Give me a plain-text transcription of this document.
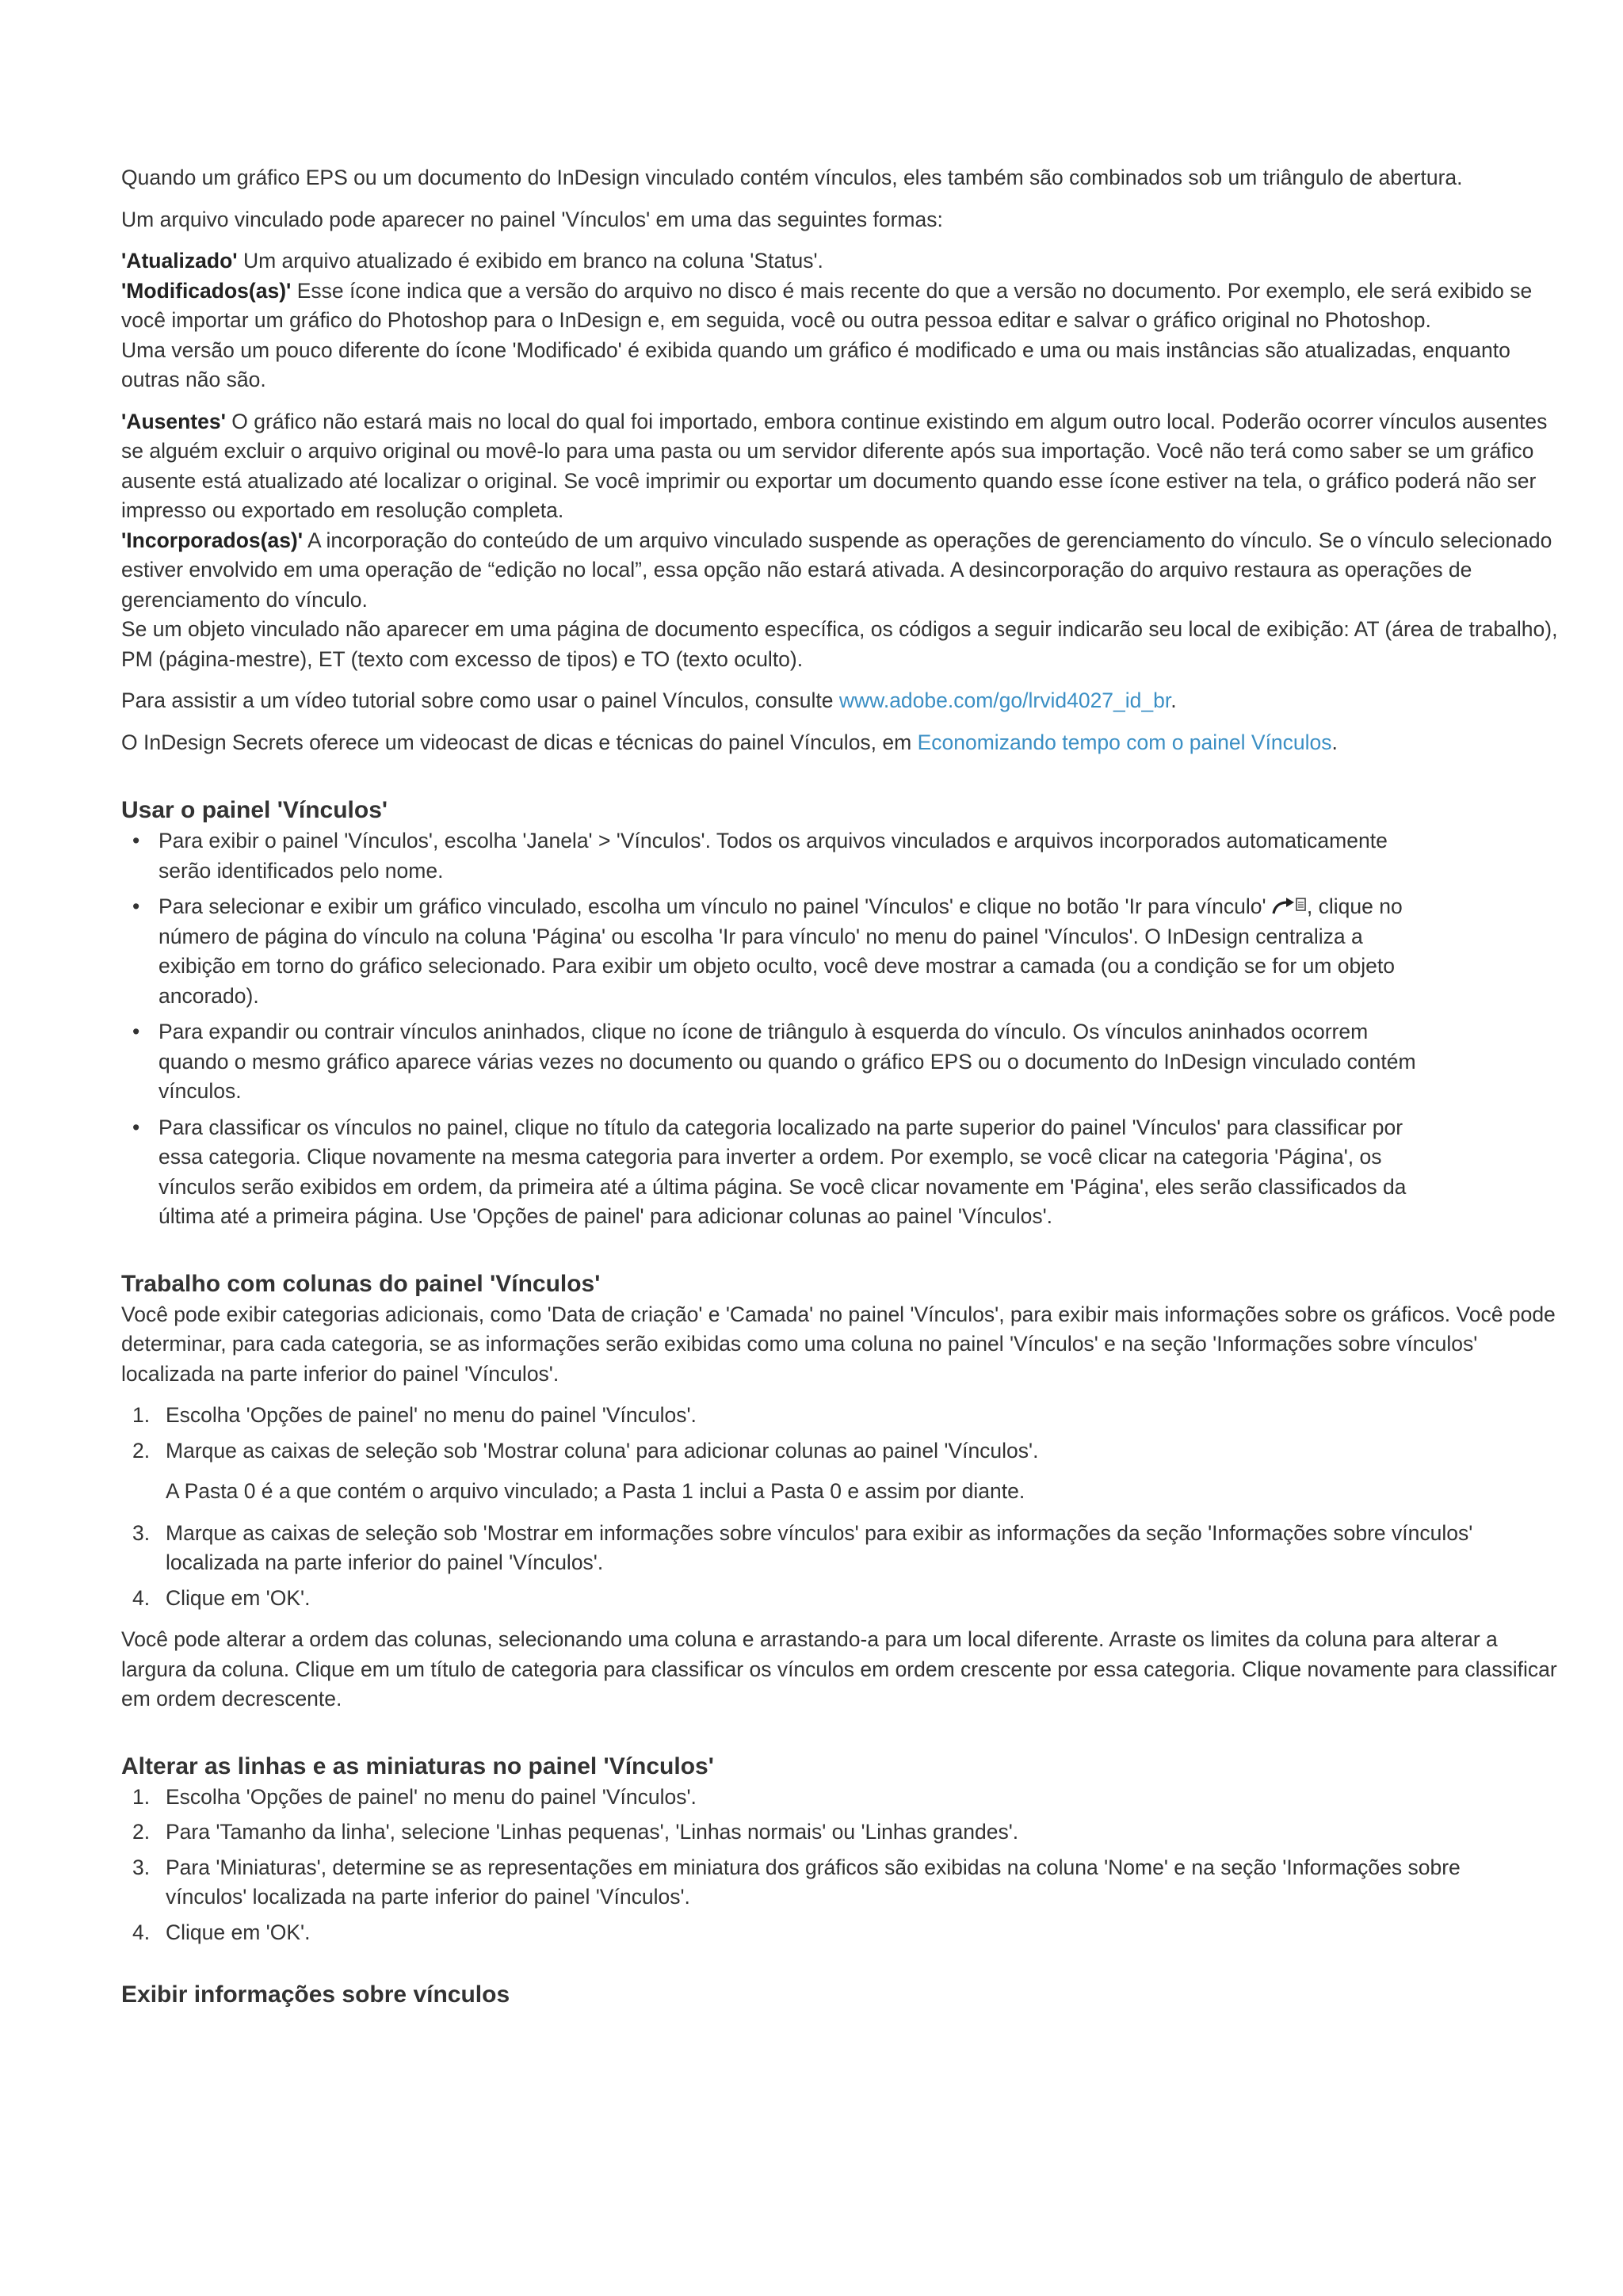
Quando um gráfico EPS ou um documento do InDesign vinculado contém vínculos, eles também são combinados sob um triângulo de abertura.

Um arquivo vinculado pode aparecer no painel 'Vínculos' em uma das seguintes formas:

'Atualizado' Um arquivo atualizado é exibido em branco na coluna 'Status'.

'Modificados(as)' Esse ícone indica que a versão do arquivo no disco é mais recente do que a versão no documento. Por exemplo, ele será exibido se você importar um gráfico do Photoshop para o InDesign e, em seguida, você ou outra pessoa editar e salvar o gráfico original no Photoshop.

Uma versão um pouco diferente do ícone 'Modificado' é exibida quando um gráfico é modificado e uma ou mais instâncias são atualizadas, enquanto outras não são.

'Ausentes' O gráfico não estará mais no local do qual foi importado, embora continue existindo em algum outro local. Poderão ocorrer vínculos ausentes se alguém excluir o arquivo original ou movê-lo para uma pasta ou um servidor diferente após sua importação. Você não terá como saber se um gráfico ausente está atualizado até localizar o original. Se você imprimir ou exportar um documento quando esse ícone estiver na tela, o gráfico poderá não ser impresso ou exportado em resolução completa.

'Incorporados(as)' A incorporação do conteúdo de um arquivo vinculado suspende as operações de gerenciamento do vínculo. Se o vínculo selecionado estiver envolvido em uma operação de “edição no local”, essa opção não estará ativada. A desincorporação do arquivo restaura as operações de gerenciamento do vínculo.

Se um objeto vinculado não aparecer em uma página de documento específica, os códigos a seguir indicarão seu local de exibição: AT (área de trabalho), PM (página-mestre), ET (texto com excesso de tipos) e TO (texto oculto).

Para assistir a um vídeo tutorial sobre como usar o painel Vínculos, consulte www.adobe.com/go/lrvid4027_id_br.

O InDesign Secrets oferece um videocast de dicas e técnicas do painel Vínculos, em Economizando tempo com o painel Vínculos.

Usar o painel 'Vínculos'
• Para exibir o painel 'Vínculos', escolha 'Janela' > 'Vínculos'. Todos os arquivos vinculados e arquivos incorporados automaticamente serão identificados pelo nome.
• Para selecionar e exibir um gráfico vinculado, escolha um vínculo no painel 'Vínculos' e clique no botão 'Ir para vínculo' , clique no número de página do vínculo na coluna 'Página' ou escolha 'Ir para vínculo' no menu do painel 'Vínculos'. O InDesign centraliza a exibição em torno do gráfico selecionado. Para exibir um objeto oculto, você deve mostrar a camada (ou a condição se for um objeto ancorado).
• Para expandir ou contrair vínculos aninhados, clique no ícone de triângulo à esquerda do vínculo. Os vínculos aninhados ocorrem quando o mesmo gráfico aparece várias vezes no documento ou quando o gráfico EPS ou o documento do InDesign vinculado contém vínculos.
• Para classificar os vínculos no painel, clique no título da categoria localizado na parte superior do painel 'Vínculos' para classificar por essa categoria. Clique novamente na mesma categoria para inverter a ordem. Por exemplo, se você clicar na categoria 'Página', os vínculos serão exibidos em ordem, da primeira até a última página. Se você clicar novamente em 'Página', eles serão classificados da última até a primeira página. Use 'Opções de painel' para adicionar colunas ao painel 'Vínculos'.
Trabalho com colunas do painel 'Vínculos'

Você pode exibir categorias adicionais, como 'Data de criação' e 'Camada' no painel 'Vínculos', para exibir mais informações sobre os gráficos. Você pode determinar, para cada categoria, se as informações serão exibidas como uma coluna no painel 'Vínculos' e na seção 'Informações sobre vínculos' localizada na parte inferior do painel 'Vínculos'.

1. Escolha 'Opções de painel' no menu do painel 'Vínculos'.
2. Marque as caixas de seleção sob 'Mostrar coluna' para adicionar colunas ao painel 'Vínculos'.

A Pasta 0 é a que contém o arquivo vinculado; a Pasta 1 inclui a Pasta 0 e assim por diante.

3. Marque as caixas de seleção sob 'Mostrar em informações sobre vínculos' para exibir as informações da seção 'Informações sobre vínculos' localizada na parte inferior do painel 'Vínculos'.
4. Clique em 'OK'.

Você pode alterar a ordem das colunas, selecionando uma coluna e arrastando-a para um local diferente. Arraste os limites da coluna para alterar a largura da coluna. Clique em um título de categoria para classificar os vínculos em ordem crescente por essa categoria. Clique novamente para classificar em ordem decrescente.

Alterar as linhas e as miniaturas no painel 'Vínculos'
1. Escolha 'Opções de painel' no menu do painel 'Vínculos'.
2. Para 'Tamanho da linha', selecione 'Linhas pequenas', 'Linhas normais' ou 'Linhas grandes'.
3. Para 'Miniaturas', determine se as representações em miniatura dos gráficos são exibidas na coluna 'Nome' e na seção 'Informações sobre vínculos' localizada na parte inferior do painel 'Vínculos'.
4. Clique em 'OK'.
Exibir informações sobre vínculos
